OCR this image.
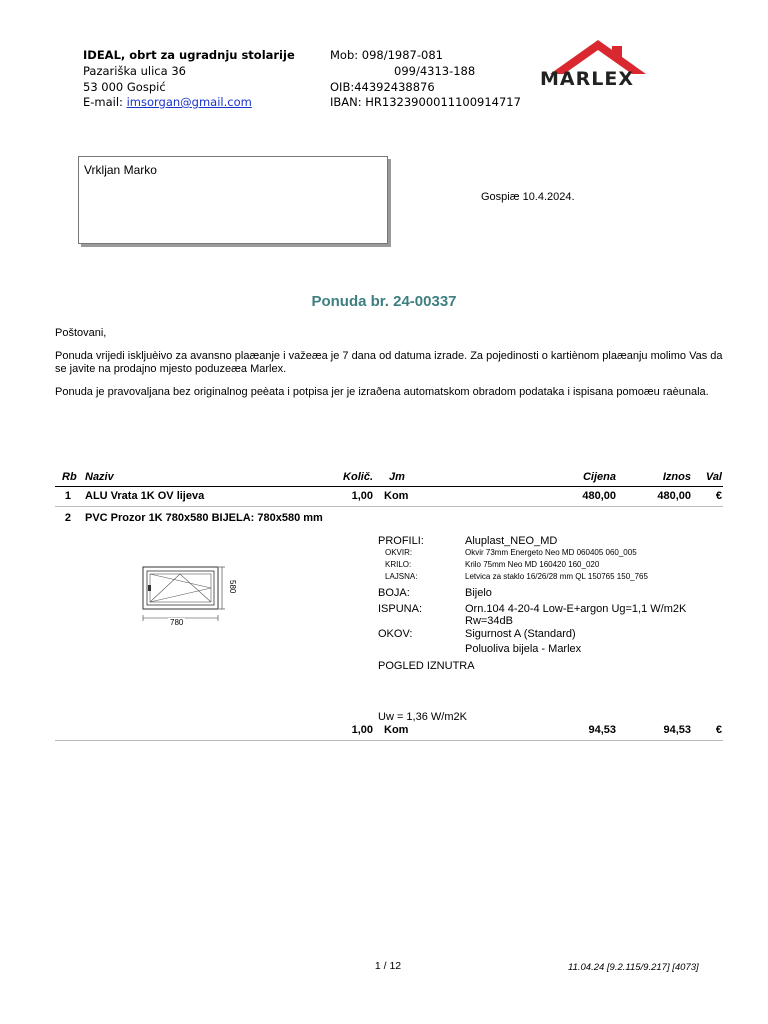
IDEAL, obrt za ugradnju stolarije
Pazariška ulica 36
53 000 Gospić
E-mail: imsorgan@gmail.com
Mob: 098/1987-081
099/4313-188
OIB:44392438876
IBAN: HR1323900011100914717
MARLEX
Vrkljan Marko
Gospiæ 10.4.2024.
Ponuda br. 24-00337
Poštovani,
Ponuda vrijedi iskljuèivo za avansno plaæanje i važeæa je 7 dana od datuma izrade. Za pojedinosti o kartiènom plaæanju molimo Vas da
se javite na prodajno mjesto poduzeæa Marlex.
Ponuda je pravovaljana bez originalnog peèata i potpisa jer je izraðena automatskom obradom podataka i ispisana pomoæu raèunala.
Rb Naziv	Količ. Jm	Cijena	Iznos	Val
1 ALU Vrata 1K OV lijeva	1,00 Kom	480,00	480,00	€
2 PVC Prozor 1K 780x580 BIJELA: 780x580 mm
780
580
PROFILI:	Aluplast_NEO_MD
OKVIR:	Okvir 73mm Energeto Neo MD 060405 060_005
KRILO:	Krilo 75mm Neo MD 160420 160_020
LAJSNA:	Letvica za staklo 16/26/28 mm QL 150765 150_765
BOJA:	Bijelo
ISPUNA:	Orn.104 4-20-4 Low-E+argon Ug=1,1 W/m2K
Rw=34dB
OKOV:	Sigurnost A (Standard)
Poluoliva bijela - Marlex
POGLED IZNUTRA
Uw = 1,36 W/m2K
1,00 Kom	94,53	94,53	€
1 / 12	11.04.24 [9.2.115/9.217] [4073]
